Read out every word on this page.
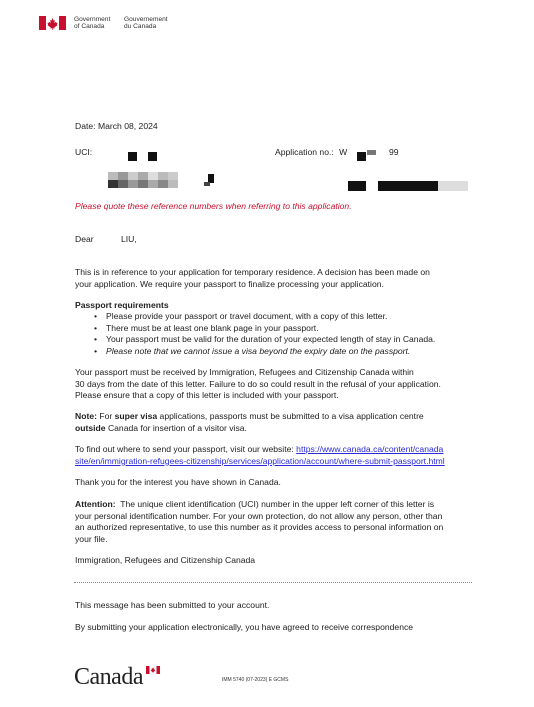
Government
of Canada
Gouvernement
du Canada
Date: March 08, 2024
UCI:	Application no.: W	99
Please quote these reference numbers when referring to this application.
Dear	LIU,
This is in reference to your application for temporary residence. A decision has been made on
your application. We require your passport to finalize processing your application.
Passport requirements
• Please provide your passport or travel document, with a copy of this letter.
• There must be at least one blank page in your passport.
• Your passport must be valid for the duration of your expected length of stay in Canada.
• Please note that we cannot issue a visa beyond the expiry date on the passport.
Your passport must be received by Immigration, Refugees and Citizenship Canada within
30 days from the date of this letter. Failure to do so could result in the refusal of your application.
Please ensure that a copy of this letter is included with your passport.
Note: For super visa applications, passports must be submitted to a visa application centre
outside Canada for insertion of a visitor visa.
To find out where to send your passport, visit our website: https://www.canada.ca/content/canada
site/en/immigration-refugees-citizenship/services/application/account/where-submit-passport.html
Thank you for the interest you have shown in Canada.
Attention:  The unique client identification (UCI) number in the upper left corner of this letter is
your personal identification number. For your own protection, do not allow any person, other than
an authorized representative, to use this number as it provides access to personal information on
your file.
Immigration, Refugees and Citizenship Canada
This message has been submitted to your account.
By submitting your application electronically, you have agreed to receive correspondence
Canada	IMM 5740 (07-2023) E GCMS
